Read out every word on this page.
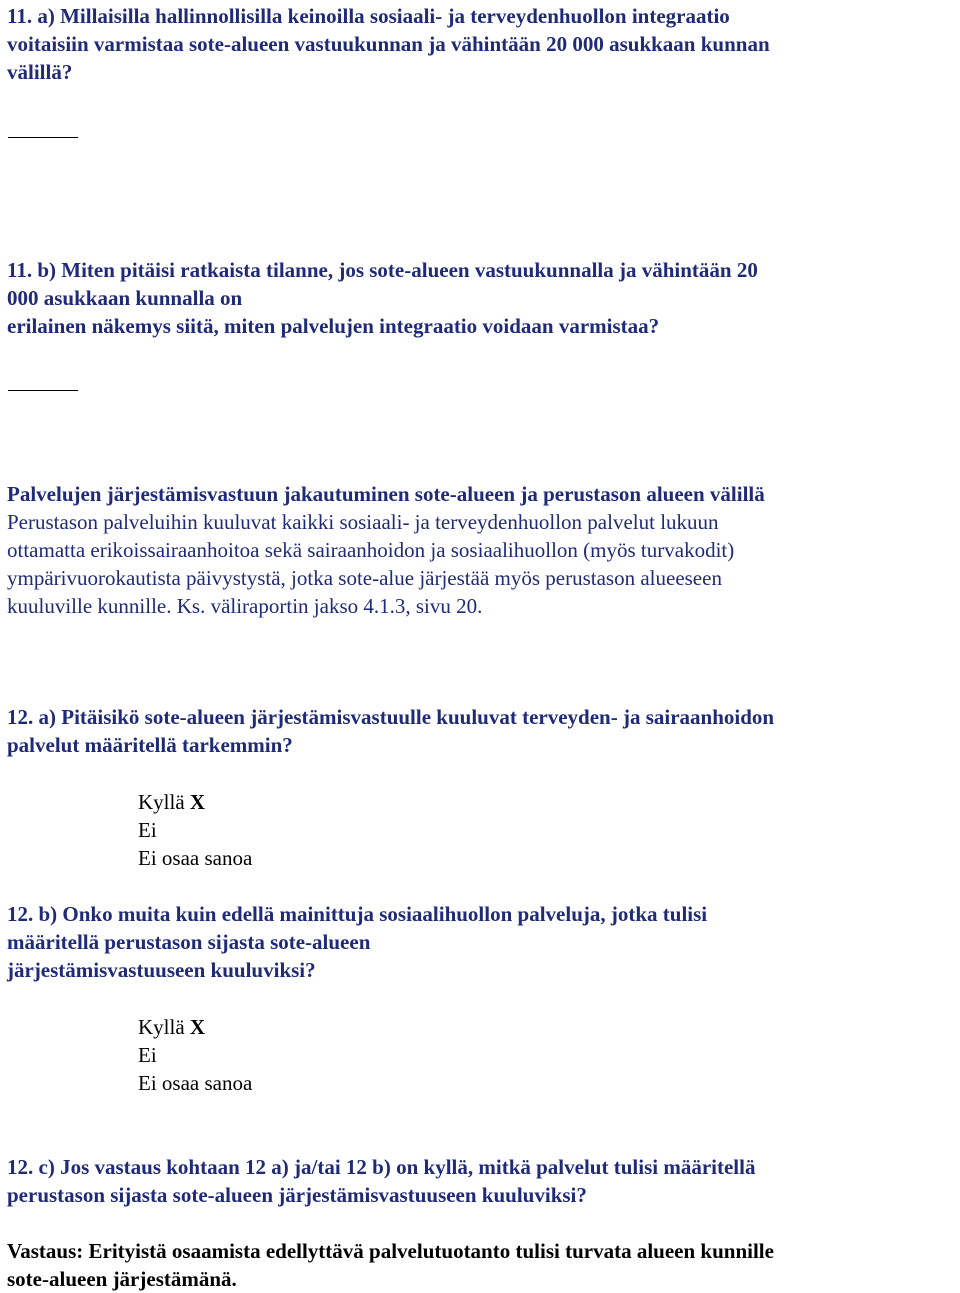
11. a) Millaisilla hallinnollisilla keinoilla sosiaali- ja terveydenhuollon integraatio
voitaisiin varmistaa sote-alueen vastuukunnan ja vähintään 20 000 asukkaan kunnan
välillä?
11. b) Miten pitäisi ratkaista tilanne, jos sote-alueen vastuukunnalla ja vähintään 20
000 asukkaan kunnalla on
erilainen näkemys siitä, miten palvelujen integraatio voidaan varmistaa?
Palvelujen järjestämisvastuun jakautuminen sote-alueen ja perustason alueen välillä
Perustason palveluihin kuuluvat kaikki sosiaali- ja terveydenhuollon palvelut lukuun
ottamatta erikoissairaanhoitoa sekä sairaanhoidon ja sosiaalihuollon (myös turvakodit)
ympärivuorokautista päivystystä, jotka sote-alue järjestää myös perustason alueeseen
kuuluville kunnille. Ks. väliraportin jakso 4.1.3, sivu 20.
12. a) Pitäisikö sote-alueen järjestämisvastuulle kuuluvat terveyden- ja sairaanhoidon
palvelut määritellä tarkemmin?
Kyllä X
Ei
Ei osaa sanoa
12. b) Onko muita kuin edellä mainittuja sosiaalihuollon palveluja, jotka tulisi
määritellä perustason sijasta sote-alueen
järjestämisvastuuseen kuuluviksi?
Kyllä X
Ei
Ei osaa sanoa
12. c) Jos vastaus kohtaan 12 a) ja/tai 12 b) on kyllä, mitkä palvelut tulisi määritellä
perustason sijasta sote-alueen järjestämisvastuuseen kuuluviksi?
Vastaus: Erityistä osaamista edellyttävä palvelutuotanto tulisi turvata alueen kunnille
sote-alueen järjestämänä.
